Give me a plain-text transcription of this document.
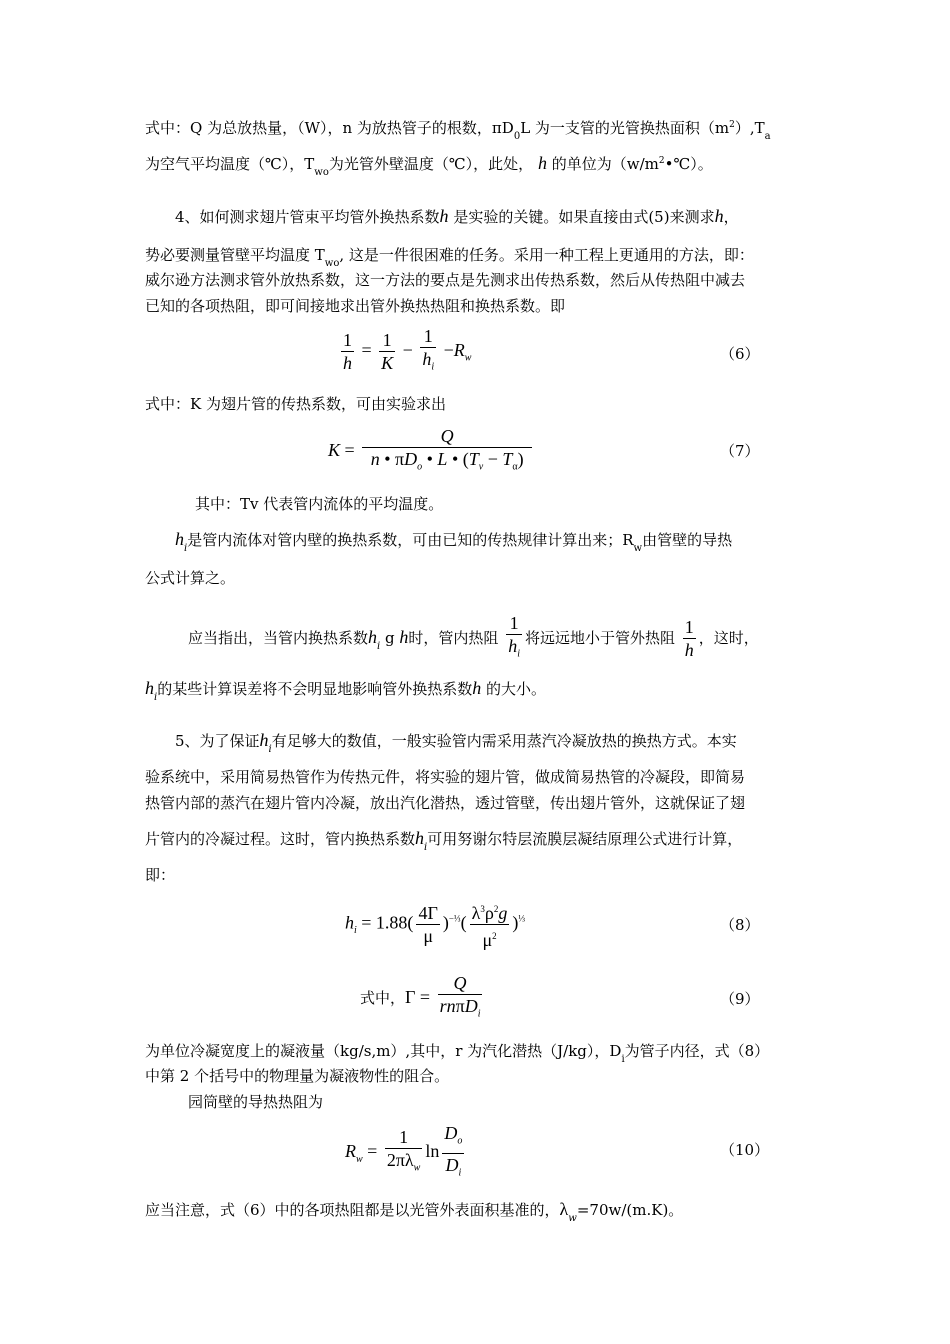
式中：Q 为总放热量，（W），n 为放热管子的根数，$\pi D_0L$ 为一支管的光管换热面积$(m^2),T_a$
为空气平均温度（℃），$T_{wo}$为光管外壁温度（℃），此处， h 的单位为$(w/m^2•℃)$。
4、如何测求翅片管束平均管外换热系数h 是实验的关键。如果直接由式(5)来测求h，
势必要测量管壁平均温度 $T_{wo}$, 这是一件很困难的任务。采用一种工程上更通用的方法，即：
威尔逊方法测求管外放热系数，这一方法的要点是先测求出传热系数，然后从传热阻中减去
已知的各项热阻，即可间接地求出管外换热热阻和换热系数。即
$\frac{1}{h} = \frac{1}{K} - \frac{1}{h_i} -R_w$	（6）
式中：K 为翅片管的传热系数，可由实验求出
$K = \frac{Q}{n • \pi D_o • L • (T_v - T_\alpha)}$	（7）
其中：Tv 代表管内流体的平均温度。
$h_i$是管内流体对管内壁的换热系数，可由已知的传热规律计算出来；$R_w$由管壁的导热
公式计算之。
应当指出，当管内换热系数$h_i$ g h时，管内热阻 $\frac{1}{h_i}$ 将远远地小于管外热阻 $\frac{1}{h}$ ，这时，
$h_i$的某些计算误差将不会明显地影响管外换热系数h 的大小。
5、为了保证$h_i$有足够大的数值，一般实验管内需采用蒸汽冷凝放热的换热方式。本实
验系统中，采用简易热管作为传热元件，将实验的翅片管，做成简易热管的冷凝段，即简易
热管内部的蒸汽在翅片管内冷凝，放出汽化潜热，透过管壁，传出翅片管外，这就保证了翅
片管内的冷凝过程。这时，管内换热系数$h_i$可用努谢尔特层流膜层凝结原理公式进行计算，
即：
$h_i = 1.88( \frac{4\Gamma}{\mu} )^{-\frac{1}{3}}( \frac{\lambda^3\rho^2g}{\mu^2} )^{\frac{1}{3}}$	（8）
式中，$\Gamma = \frac{Q}{rn\pi D_i}$	（9）
为单位冷凝宽度上的凝液量（kg/s,m）,其中，r 为汽化潜热（J/kg），$D_i$为管子内径，式（8）
中第 2 个括号中的物理量为凝液物性的阻合。
园筒壁的导热热阻为
$R_w = \frac{1}{2\pi\lambda_w}$ $\ln \frac{D_o}{D_i}$	（10）
应当注意，式（6）中的各项热阻都是以光管外表面积基准的，$\lambda_w=70w/(m.K)$。
